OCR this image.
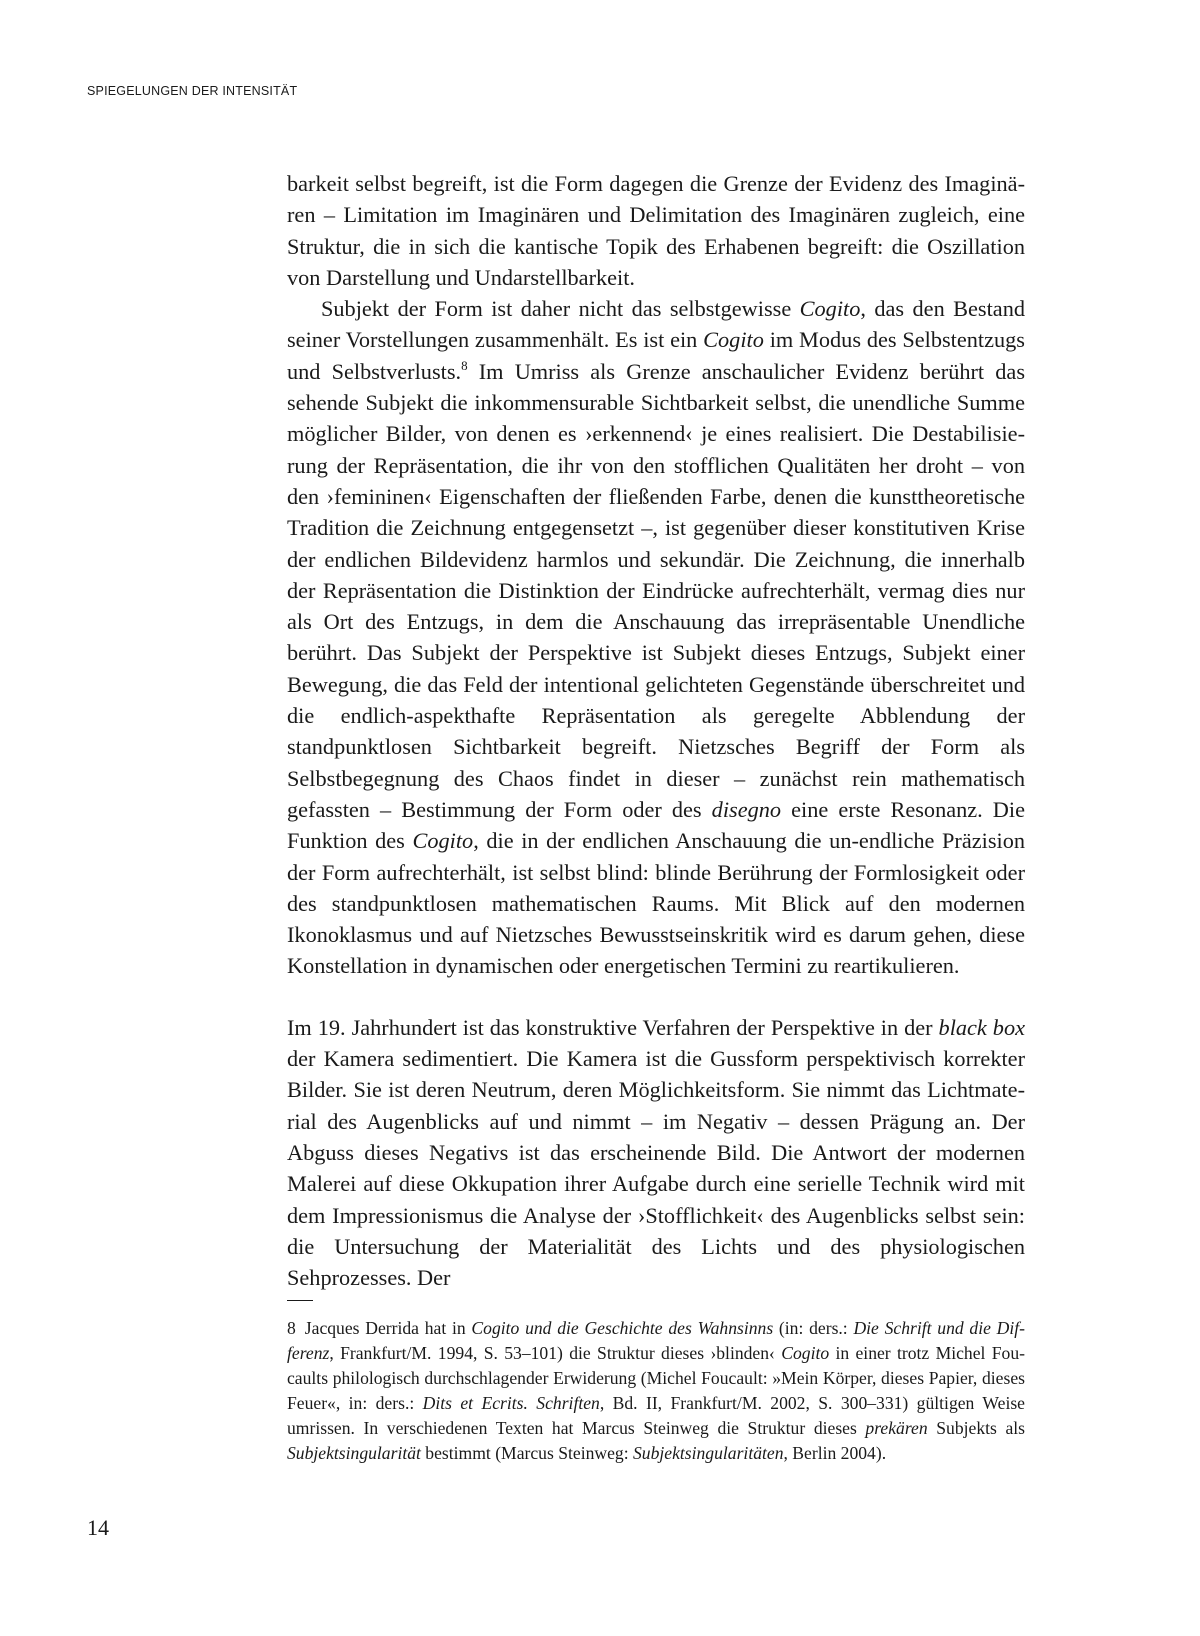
SPIEGELUNGEN DER INTENSITÄT

barkeit selbst begreift, ist die Form dagegen die Grenze der Evidenz des Imaginären – Limitation im Imaginären und Delimitation des Imaginären zugleich, eine Struktur, die in sich die kantische Topik des Erhabenen begreift: die Oszillation von Darstellung und Undarstellbarkeit.

Subjekt der Form ist daher nicht das selbstgewisse Cogito, das den Bestand seiner Vorstellungen zusammenhält. Es ist ein Cogito im Modus des Selbstentzugs und Selbstverlusts.$^8$ Im Umriss als Grenze anschaulicher Evidenz berührt das sehende Subjekt die inkommensurable Sichtbarkeit selbst, die unendliche Summe möglicher Bilder, von denen es ›erkennend‹ je eines realisiert. Die Destabilisierung der Repräsentation, die ihr von den stofflichen Qualitäten her droht – von den ›femininen‹ Eigenschaften der fließenden Farbe, denen die kunsttheoretische Tradition die Zeichnung entgegensetzt –, ist gegenüber dieser konstitutiven Krise der endlichen Bildevidenz harmlos und sekundär. Die Zeichnung, die innerhalb der Repräsentation die Distinktion der Eindrücke aufrechterhält, vermag dies nur als Ort des Entzugs, in dem die Anschauung das irrepräsentable Unendliche berührt. Das Subjekt der Perspektive ist Subjekt dieses Entzugs, Subjekt einer Bewegung, die das Feld der intentional gelichteten Gegenstände überschreitet und die endlich-aspekthafte Repräsentation als geregelte Abblendung der standpunktlosen Sichtbarkeit begreift. Nietzsches Begriff der Form als Selbstbegegnung des Chaos findet in dieser – zunächst rein mathematisch gefassten – Bestimmung der Form oder des disegno eine erste Resonanz. Die Funktion des Cogito, die in der endlichen Anschauung die un-endliche Präzision der Form aufrechterhält, ist selbst blind: blinde Berührung der Formlosigkeit oder des standpunktlosen mathematischen Raums. Mit Blick auf den modernen Ikonoklasmus und auf Nietzsches Bewusstseinskritik wird es darum gehen, diese Konstellation in dynamischen oder energetischen Termini zu reartikulieren.

Im 19. Jahrhundert ist das konstruktive Verfahren der Perspektive in der black box der Kamera sedimentiert. Die Kamera ist die Gussform perspektivisch korrekter Bilder. Sie ist deren Neutrum, deren Möglichkeitsform. Sie nimmt das Lichtmaterial des Augenblicks auf und nimmt – im Negativ – dessen Prägung an. Der Abguss dieses Negativs ist das erscheinende Bild. Die Antwort der modernen Malerei auf diese Okkupation ihrer Aufgabe durch eine serielle Technik wird mit dem Impressionismus die Analyse der ›Stofflichkeit‹ des Augenblicks selbst sein: die Untersuchung der Materialität des Lichts und des physiologischen Sehprozesses. Der

8 Jacques Derrida hat in Cogito und die Geschichte des Wahnsinns (in: ders.: Die Schrift und die Differenz, Frankfurt/M. 1994, S. 53–101) die Struktur dieses ›blinden‹ Cogito in einer trotz Michel Foucaults philologisch durchschlagender Erwiderung (Michel Foucault: »Mein Körper, dieses Papier, dieses Feuer«, in: ders.: Dits et Ecrits. Schriften, Bd. II, Frankfurt/M. 2002, S. 300–331) gültigen Weise umrissen. In verschiedenen Texten hat Marcus Steinweg die Struktur dieses prekären Subjekts als Subjektsingularität bestimmt (Marcus Steinweg: Subjektsingularitäten, Berlin 2004).

14
